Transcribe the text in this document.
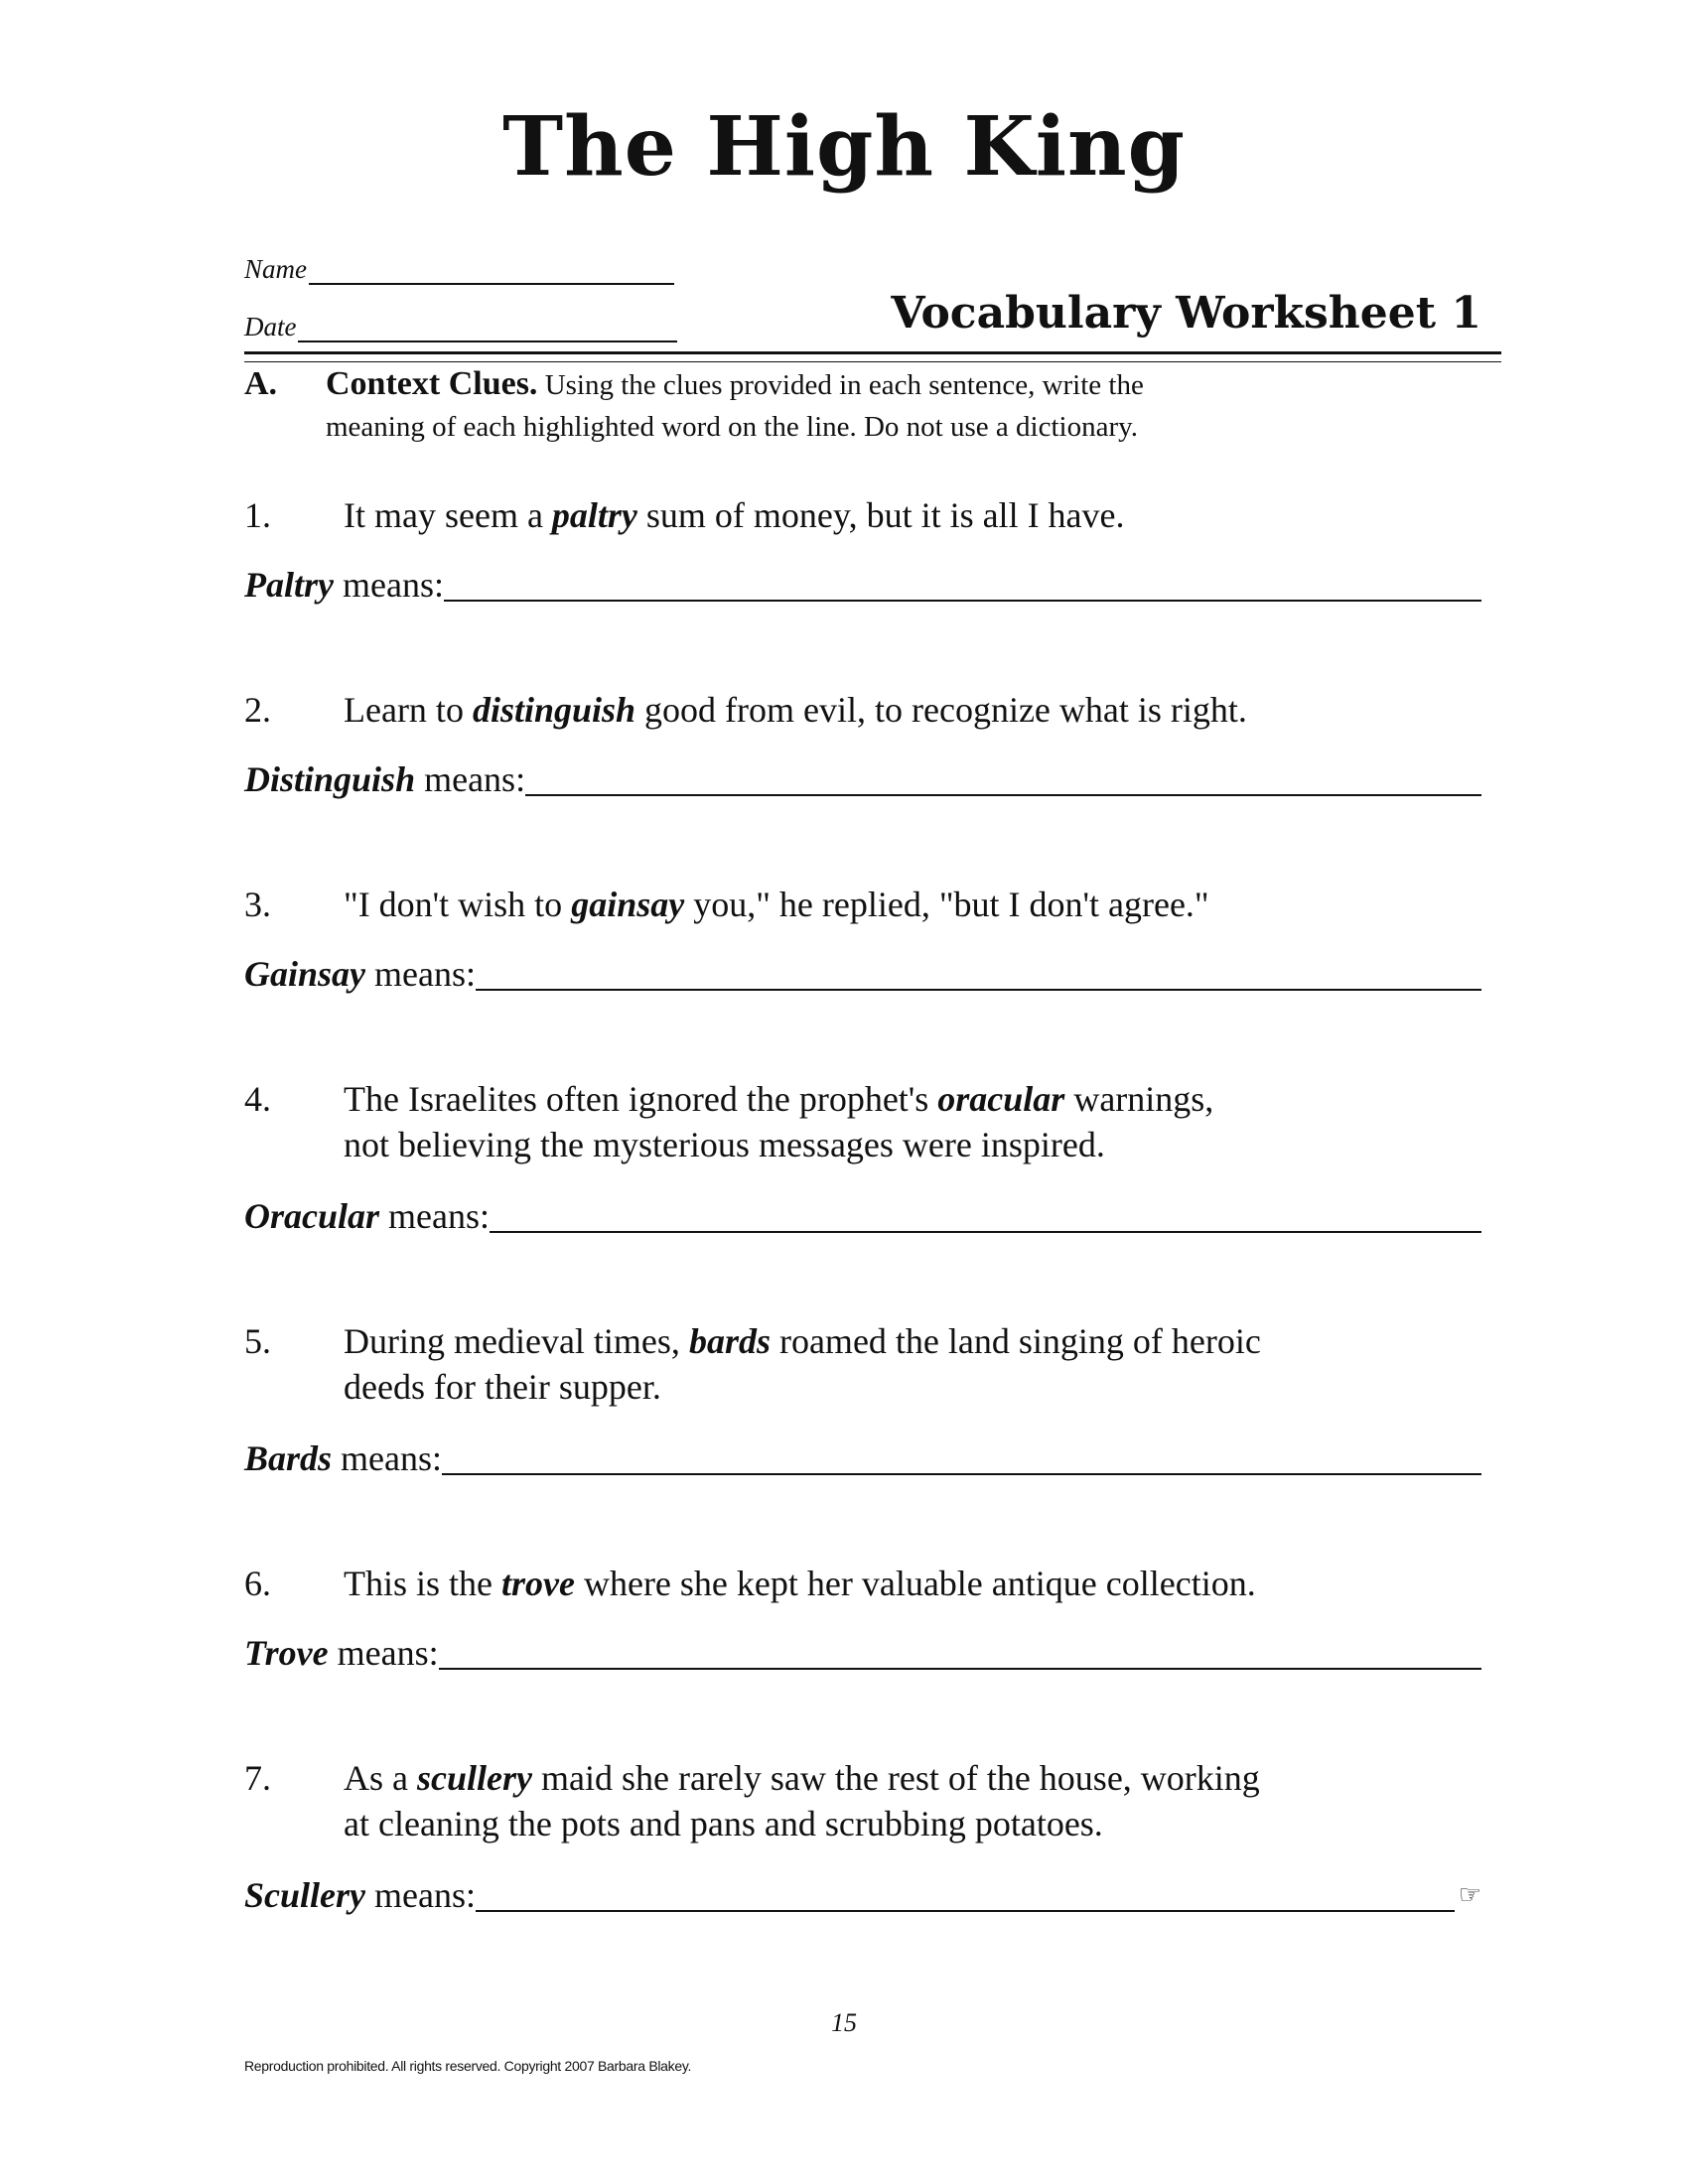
The High King
Name
Date	Vocabulary Worksheet 1
A. Context Clues. Using the clues provided in each sentence, write the
meaning of each highlighted word on the line. Do not use a dictionary.
1. It may seem a paltry sum of money, but it is all I have.
Paltry means:
2. Learn to distinguish good from evil, to recognize what is right.
Distinguish means:
3. "I don't wish to gainsay you," he replied, "but I don't agree."
Gainsay means:
4. The Israelites often ignored the prophet's oracular warnings,
not believing the mysterious messages were inspired.
Oracular means:
5. During medieval times, bards roamed the land singing of heroic
deeds for their supper.
Bards means:
6. This is the trove where she kept her valuable antique collection.
Trove means:
7. As a scullery maid she rarely saw the rest of the house, working
at cleaning the pots and pans and scrubbing potatoes.
Scullery means:	☞
15
Reproduction prohibited. All rights reserved. Copyright 2007 Barbara Blakey.
